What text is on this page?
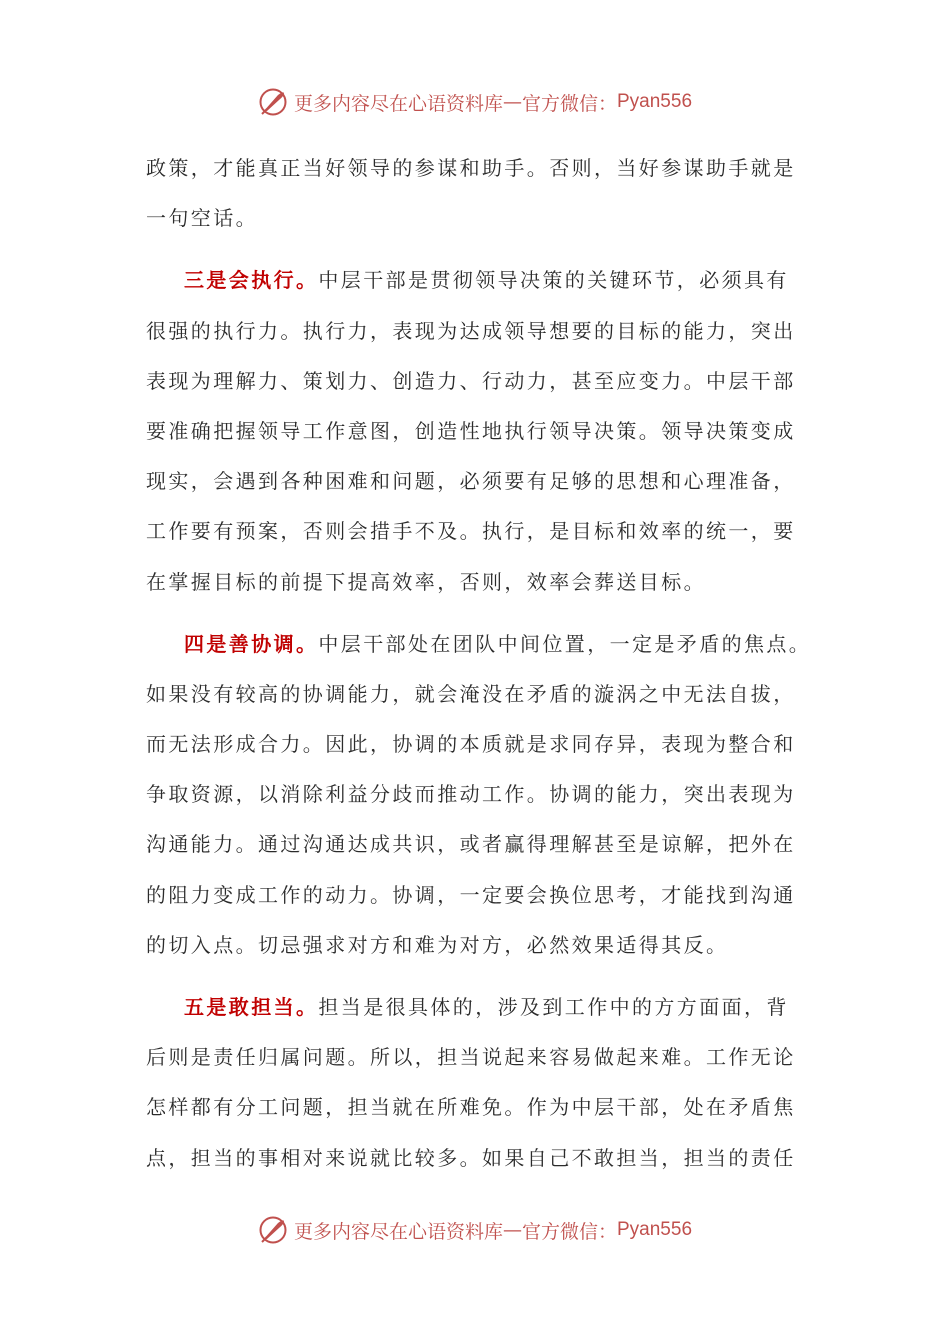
更多内容尽在心语资料库 — 官方微信： Pyan556

政策，才能真正当好领导的参谋和助手。否则，当好参谋助手就是
一句空话。

三是会执行。中层干部是贯彻领导决策的关键环节，必须具有
很强的执行力。执行力，表现为达成领导想要的目标的能力，突出
表现为理解力、策划力、创造力、行动力，甚至应变力。中层干部
要准确把握领导工作意图，创造性地执行领导决策。领导决策变成
现实，会遇到各种困难和问题，必须要有足够的思想和心理准备，
工作要有预案，否则会措手不及。执行，是目标和效率的统一，要
在掌握目标的前提下提高效率，否则，效率会葬送目标。

四是善协调。中层干部处在团队中间位置，一定是矛盾的焦点。
如果没有较高的协调能力，就会淹没在矛盾的漩涡之中无法自拔，
而无法形成合力。因此，协调的本质就是求同存异，表现为整合和
争取资源，以消除利益分歧而推动工作。协调的能力，突出表现为
沟通能力。通过沟通达成共识，或者赢得理解甚至是谅解，把外在
的阻力变成工作的动力。协调，一定要会换位思考，才能找到沟通
的切入点。切忌强求对方和难为对方，必然效果适得其反。

五是敢担当。担当是很具体的，涉及到工作中的方方面面，背
后则是责任归属问题。所以，担当说起来容易做起来难。工作无论
怎样都有分工问题，担当就在所难免。作为中层干部，处在矛盾焦
点，担当的事相对来说就比较多。如果自己不敢担当，担当的责任

更多内容尽在心语资料库 — 官方微信： Pyan556
